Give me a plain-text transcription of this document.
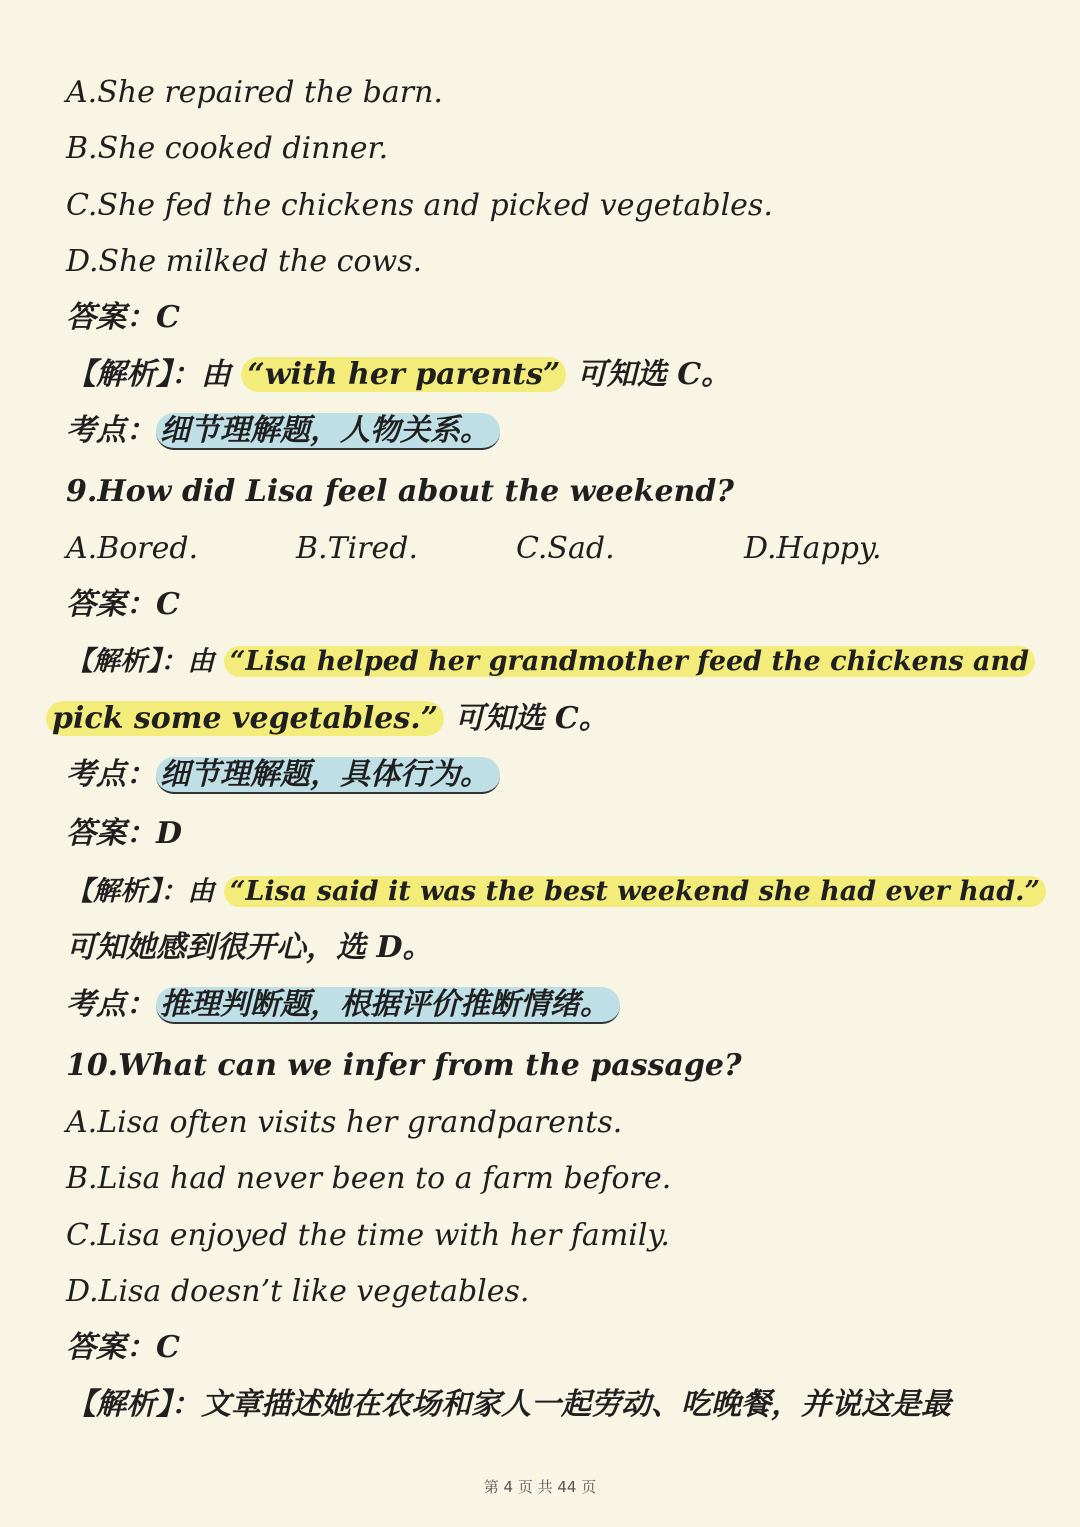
A.She repaired the barn.
B.She cooked dinner.
C.She fed the chickens and picked vegetables.
D.She milked the cows.
答案：C
【解析】：由 “with her parents” 可知选 C。
考点： 细节理解题，人物关系。
9.How did Lisa feel about the weekend?
A.Bored.	B.Tired.	C.Sad.	D.Happy.
答案：C
【解析】：由 “Lisa helped her grandmother feed the chickens and
pick some vegetables.” 可知选 C。
考点： 细节理解题，具体行为。
答案：D
【解析】：由 “Lisa said it was the best weekend she had ever had.”
可知她感到很开心，选 D。
考点： 推理判断题，根据评价推断情绪。
10.What can we infer from the passage?
A.Lisa often visits her grandparents.
B.Lisa had never been to a farm before.
C.Lisa enjoyed the time with her family.
D.Lisa doesn’t like vegetables.
答案：C
【解析】：文章描述她在农场和家人一起劳动、吃晚餐，并说这是最
第 4 页 共 44 页
